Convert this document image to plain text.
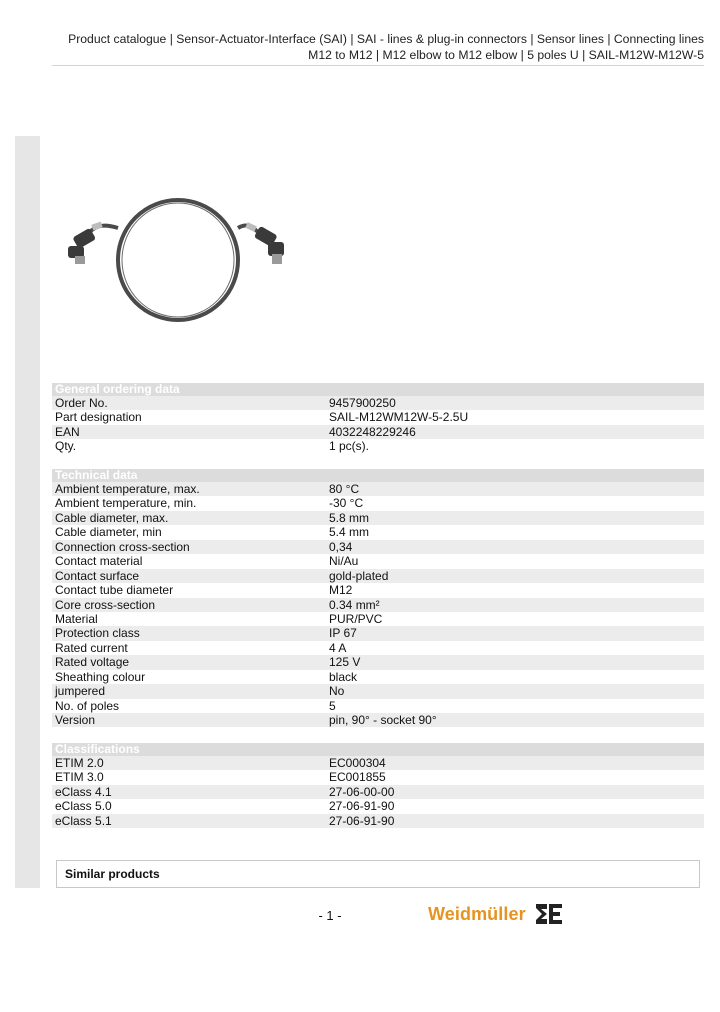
Product catalogue | Sensor-Actuator-Interface (SAI) | SAI - lines & plug-in connectors | Sensor lines | Connecting lines
M12 to M12 | M12 elbow to M12 elbow | 5 poles U | SAIL-M12W-M12W-5
General ordering data
Order No.	9457900250
Part designation	SAIL-M12WM12W-5-2.5U
EAN	4032248229246
Qty.	1 pc(s).
Technical data
Ambient temperature, max.	80 °C
Ambient temperature, min.	-30 °C
Cable diameter, max.	5.8 mm
Cable diameter, min	5.4 mm
Connection cross-section	0,34
Contact material	Ni/Au
Contact surface	gold-plated
Contact tube diameter	M12
Core cross-section	0.34 mm²
Material	PUR/PVC
Protection class	IP 67
Rated current	4 A
Rated voltage	125 V
Sheathing colour	black
jumpered	No
No. of poles	5
Version	pin, 90° - socket 90°
Classifications
ETIM 2.0	EC000304
ETIM 3.0	EC001855
eClass 4.1	27-06-00-00
eClass 5.0	27-06-91-90
eClass 5.1	27-06-91-90
Similar products
- 1 -	Weidmüller
